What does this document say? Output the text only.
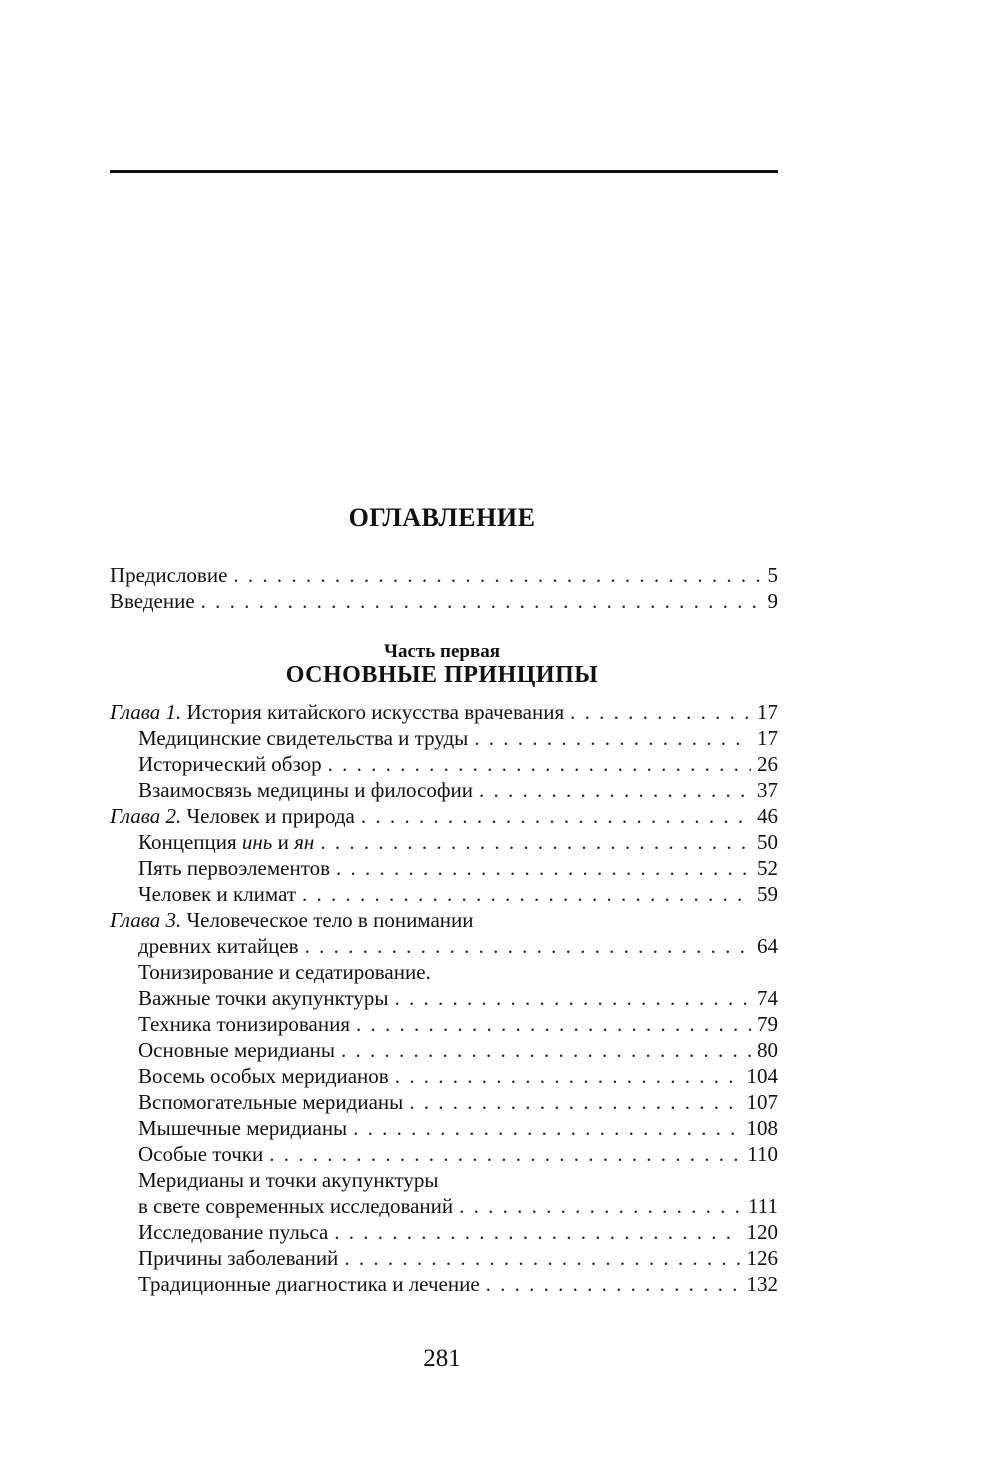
ОГЛАВЛЕНИЕ
Предисловие . . .	5
Введение . . .	9
Часть первая
ОСНОВНЫЕ ПРИНЦИПЫ
Глава 1. История китайского искусства врачевания . . .	17
Медицинские свидетельства и труды . . .	17
Исторический обзор . . .	26
Взаимосвязь медицины и философии . . .	37
Глава 2. Человек и природа . . .	46
Концепция инь и ян . . .	50
Пять первоэлементов . . .	52
Человек и климат . . .	59
Глава 3. Человеческое тело в понимании
древних китайцев . . .	64
Тонизирование и седатирование.
Важные точки акупунктуры . . .	74
Техника тонизирования . . .	79
Основные меридианы . . .	80
Восемь особых меридианов . . .	104
Вспомогательные меридианы . . .	107
Мышечные меридианы . . .	108
Особые точки . . .	110
Меридианы и точки акупунктуры
в свете современных исследований . . .	111
Исследование пульса . . .	120
Причины заболеваний . . .	126
Традиционные диагностика и лечение . . .	132
281
